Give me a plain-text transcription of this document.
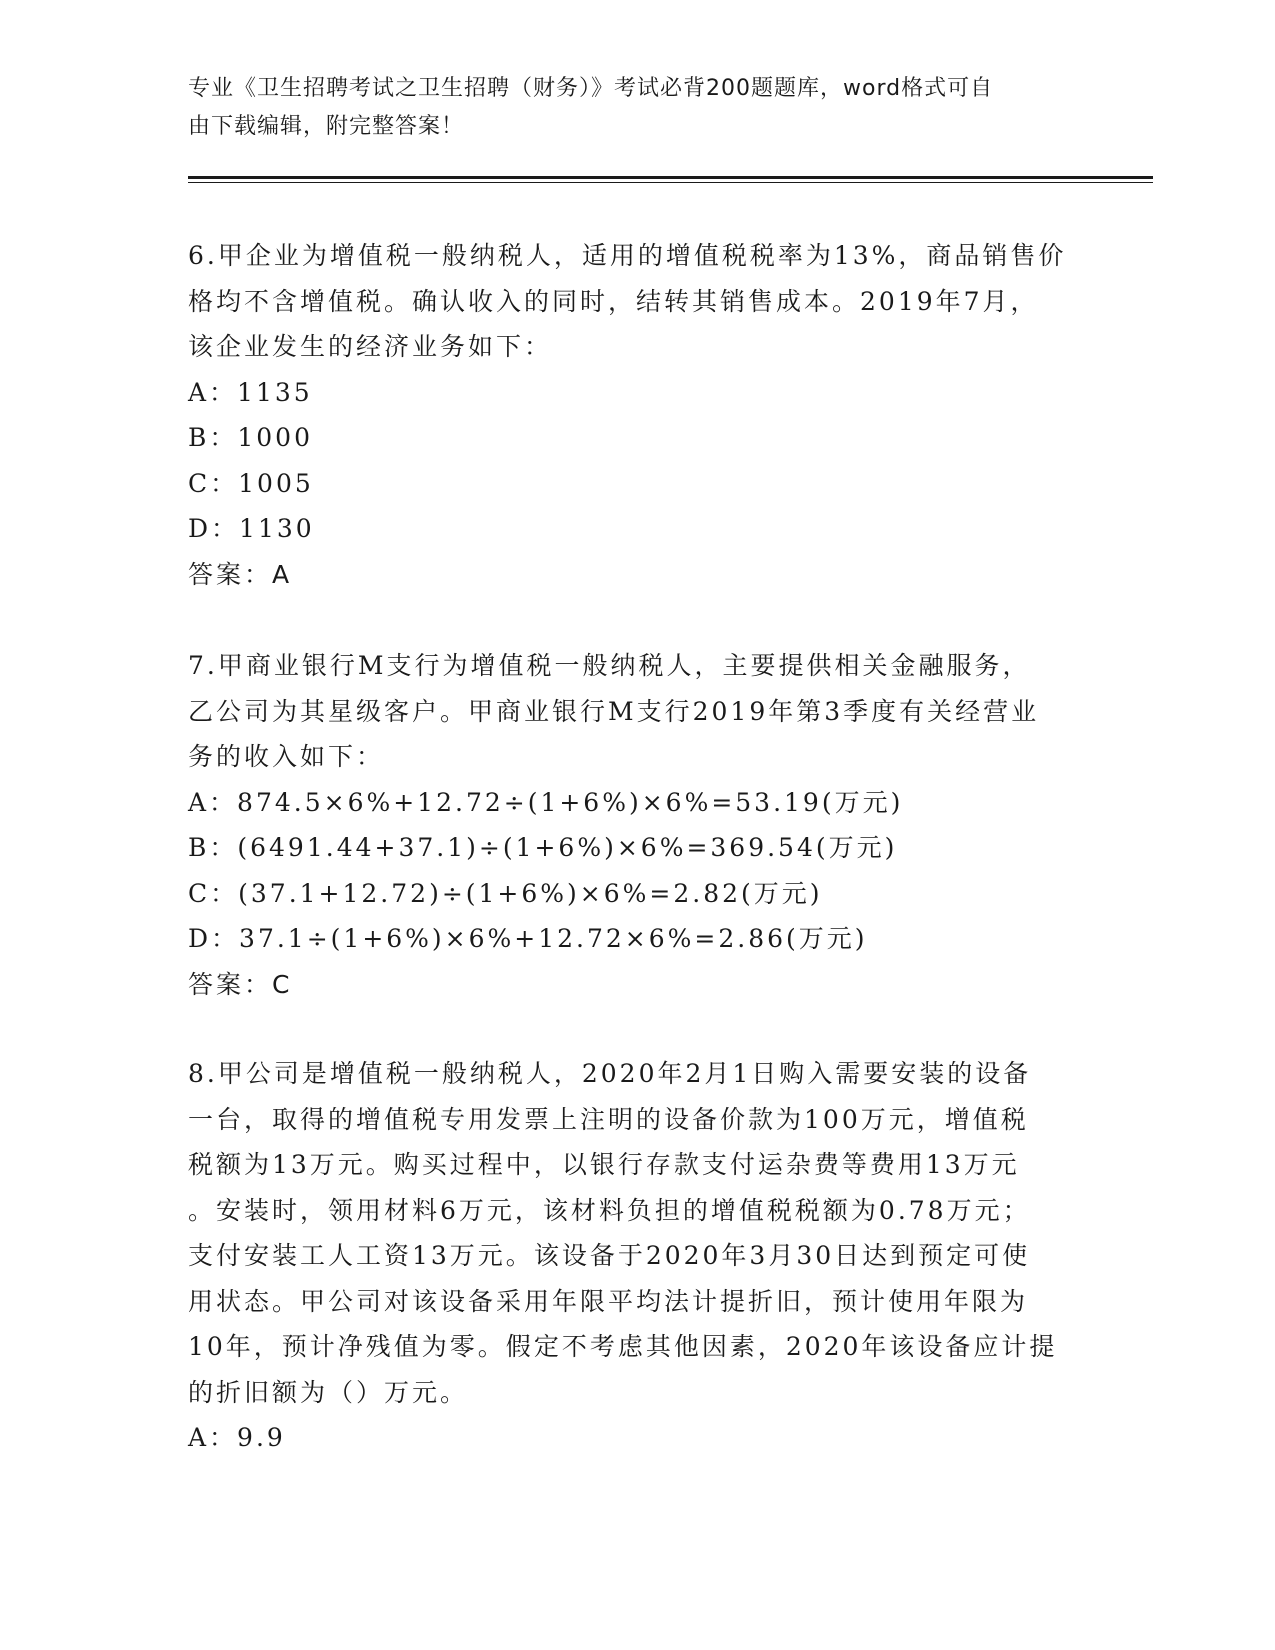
专业《卫生招聘考试之卫生招聘（财务）》考试必背200题题库，word格式可自
由下载编辑，附完整答案！

6.甲企业为增值税一般纳税人，适用的增值税税率为13%，商品销售价

格均不含增值税。确认收入的同时，结转其销售成本。2019年7月，

该企业发生的经济业务如下：

A：1135

B：1000

C：1005

D：1130

答案：A

7.甲商业银行M支行为增值税一般纳税人，主要提供相关金融服务，

乙公司为其星级客户。甲商业银行M支行2019年第3季度有关经营业

务的收入如下：

A：874.5×6%+12.72÷(1+6%)×6%=53.19(万元)

B：(6491.44+37.1)÷(1+6%)×6%=369.54(万元)

C：(37.1+12.72)÷(1+6%)×6%=2.82(万元)

D：37.1÷(1+6%)×6%+12.72×6%=2.86(万元)

答案：C

8.甲公司是增值税一般纳税人，2020年2月1日购入需要安装的设备

一台，取得的增值税专用发票上注明的设备价款为100万元，增值税

税额为13万元。购买过程中，以银行存款支付运杂费等费用13万元

。安装时，领用材料6万元，该材料负担的增值税税额为0.78万元；

支付安装工人工资13万元。该设备于2020年3月30日达到预定可使

用状态。甲公司对该设备采用年限平均法计提折旧，预计使用年限为

10年，预计净残值为零。假定不考虑其他因素，2020年该设备应计提

的折旧额为（）万元。

A：9.9
